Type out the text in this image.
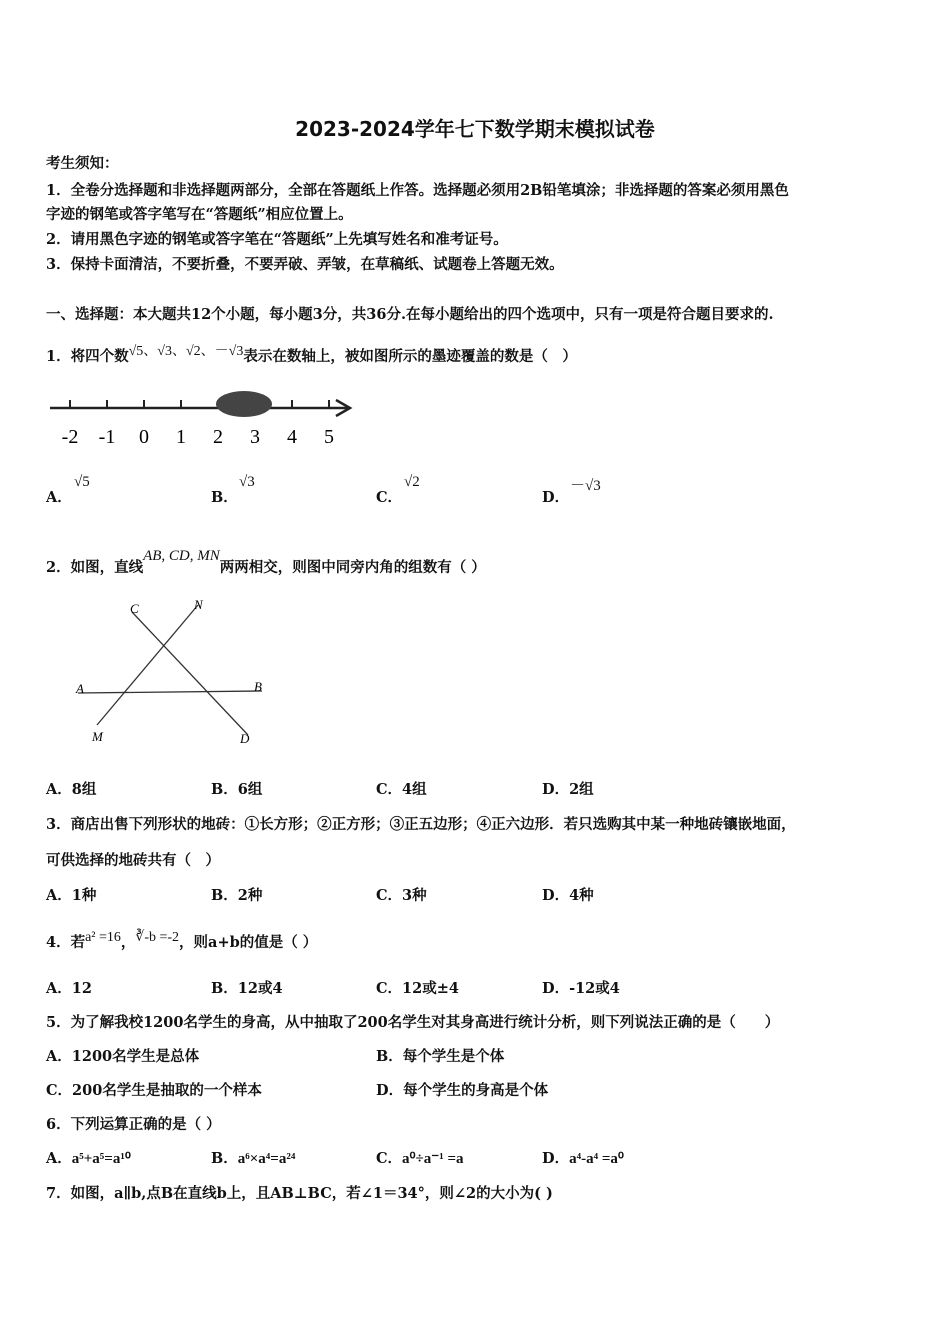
2023-2024学年七下数学期末模拟试卷
考生须知：
1．全卷分选择题和非选择题两部分，全部在答题纸上作答。选择题必须用2B铅笔填涂；非选择题的答案必须用黑色
字迹的钢笔或答字笔写在“答题纸”相应位置上。
2．请用黑色字迹的钢笔或答字笔在“答题纸”上先填写姓名和准考证号。
3．保持卡面清洁，不要折叠，不要弄破、弄皱，在草稿纸、试题卷上答题无效。
一、选择题：本大题共12个小题，每小题3分，共36分.在每小题给出的四个选项中，只有一项是符合题目要求的.
1．将四个数√5、√3、√2、－√3表示在数轴上，被如图所示的墨迹覆盖的数是（　）
-2 -1 0 1 2 3 4 5
A．
√5
B．
√3
C．
√2
D．
－√3
2．如图，直线AB, CD, MN两两相交，则图中同旁内角的组数有（ ）
C	N
A	B
M	D
A．8组	B．6组	C．4组	D．2组
3．商店出售下列形状的地砖：①长方形；②正方形；③正五边形；④正六边形．若只选购其中某一种地砖镶嵌地面，
可供选择的地砖共有（　）
A．1种	B．2种	C．3种	D．4种
4．若a² =16，∛-b =-2，则a+b的值是（ ）
A．12	B．12或4	C．12或±4	D．-12或4
5．为了解我校1200名学生的身高，从中抽取了200名学生对其身高进行统计分析，则下列说法正确的是（　　）
A．1200名学生是总体	B．每个学生是个体
C．200名学生是抽取的一个样本	D．每个学生的身高是个体
6．下列运算正确的是（ ）
A．a⁵+a⁵=a¹⁰	B．a⁶×a⁴=a²⁴	C．a⁰÷a⁻¹ =a	D．a⁴-a⁴ =a⁰
7．如图，a∥b,点B在直线b上，且AB⊥BC，若∠1＝34°，则∠2的大小为( )
